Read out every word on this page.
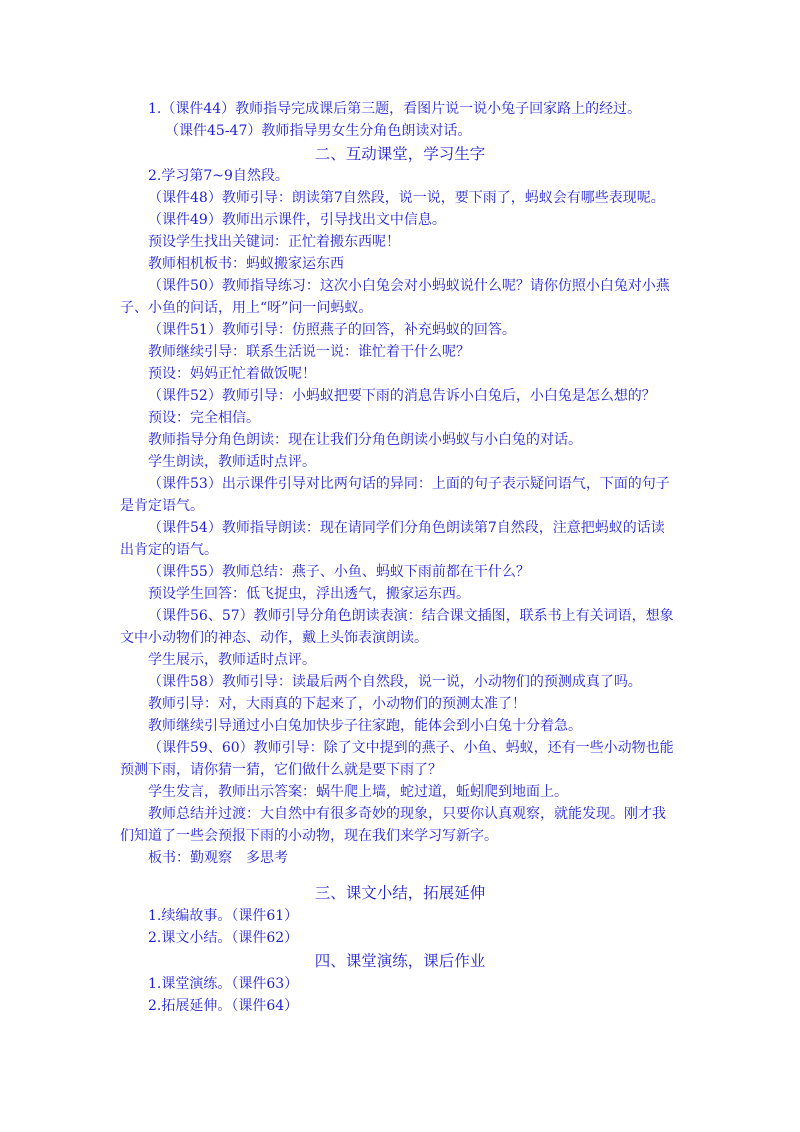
1.（课件44）教师指导完成课后第三题，看图片说一说小兔子回家路上的经过。
（课件45-47）教师指导男女生分角色朗读对话。
二、互动课堂，学习生字
2.学习第7~9自然段。
（课件48）教师引导：朗读第7自然段，说一说，要下雨了，蚂蚁会有哪些表现呢。
（课件49）教师出示课件，引导找出文中信息。
预设学生找出关键词：正忙着搬东西呢！
教师相机板书：蚂蚁搬家运东西
（课件50）教师指导练习：这次小白兔会对小蚂蚁说什么呢？请你仿照小白兔对小燕
子、小鱼的问话，用上“呀”问一问蚂蚁。
（课件51）教师引导：仿照燕子的回答，补充蚂蚁的回答。
教师继续引导：联系生活说一说：谁忙着干什么呢？
预设：妈妈正忙着做饭呢！
（课件52）教师引导：小蚂蚁把要下雨的消息告诉小白兔后，小白兔是怎么想的？
预设：完全相信。
教师指导分角色朗读：现在让我们分角色朗读小蚂蚁与小白兔的对话。
学生朗读，教师适时点评。
（课件53）出示课件引导对比两句话的异同：上面的句子表示疑问语气，下面的句子
是肯定语气。
（课件54）教师指导朗读：现在请同学们分角色朗读第7自然段，注意把蚂蚁的话读
出肯定的语气。
（课件55）教师总结：燕子、小鱼、蚂蚁下雨前都在干什么？
预设学生回答：低飞捉虫，浮出透气，搬家运东西。
（课件56、57）教师引导分角色朗读表演：结合课文插图，联系书上有关词语，想象
文中小动物们的神态、动作，戴上头饰表演朗读。
学生展示，教师适时点评。
（课件58）教师引导：读最后两个自然段，说一说，小动物们的预测成真了吗。
教师引导：对，大雨真的下起来了，小动物们的预测太准了！
教师继续引导通过小白兔加快步子往家跑，能体会到小白兔十分着急。
（课件59、60）教师引导：除了文中提到的燕子、小鱼、蚂蚁，还有一些小动物也能
预测下雨，请你猜一猜，它们做什么就是要下雨了？
学生发言，教师出示答案：蜗牛爬上墙，蛇过道，蚯蚓爬到地面上。
教师总结并过渡：大自然中有很多奇妙的现象，只要你认真观察，就能发现。刚才我
们知道了一些会预报下雨的小动物，现在我们来学习写新字。
板书：勤观察　多思考
三、课文小结，拓展延伸
1.续编故事。（课件61）
2.课文小结。（课件62）
四、课堂演练，课后作业
1.课堂演练。（课件63）
2.拓展延伸。（课件64）
